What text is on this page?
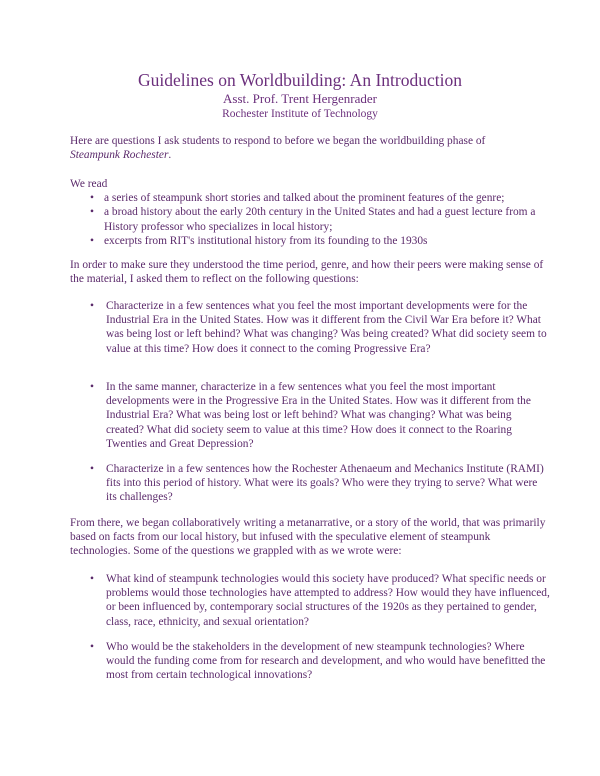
Guidelines on Worldbuilding: An Introduction
Asst. Prof. Trent Hergenrader
Rochester Institute of Technology

Here are questions I ask students to respond to before we began the worldbuilding phase of
Steampunk Rochester.

We read

• a series of steampunk short stories and talked about the prominent features of the genre;
• a broad history about the early 20th century in the United States and had a guest lecture from a History professor who specializes in local history;
• excerpts from RIT's institutional history from its founding to the 1930s
In order to make sure they understood the time period, genre, and how their peers were making sense of the material, I asked them to reflect on the following questions:
• Characterize in a few sentences what you feel the most important developments were for the Industrial Era in the United States. How was it different from the Civil War Era before it? What was being lost or left behind? What was changing? Was being created? What did society seem to value at this time? How does it connect to the coming Progressive Era?
• In the same manner, characterize in a few sentences what you feel the most important developments were in the Progressive Era in the United States. How was it different from the Industrial Era? What was being lost or left behind? What was changing? What was being created? What did society seem to value at this time? How does it connect to the Roaring Twenties and Great Depression?
• Characterize in a few sentences how the Rochester Athenaeum and Mechanics Institute (RAMI) fits into this period of history. What were its goals? Who were they trying to serve? What were its challenges?
From there, we began collaboratively writing a metanarrative, or a story of the world, that was primarily based on facts from our local history, but infused with the speculative element of steampunk technologies. Some of the questions we grappled with as we wrote were:
• What kind of steampunk technologies would this society have produced? What specific needs or problems would those technologies have attempted to address? How would they have influenced, or been influenced by, contemporary social structures of the 1920s as they pertained to gender, class, race, ethnicity, and sexual orientation?
• Who would be the stakeholders in the development of new steampunk technologies? Where would the funding come from for research and development, and who would have benefitted the most from certain technological innovations?
